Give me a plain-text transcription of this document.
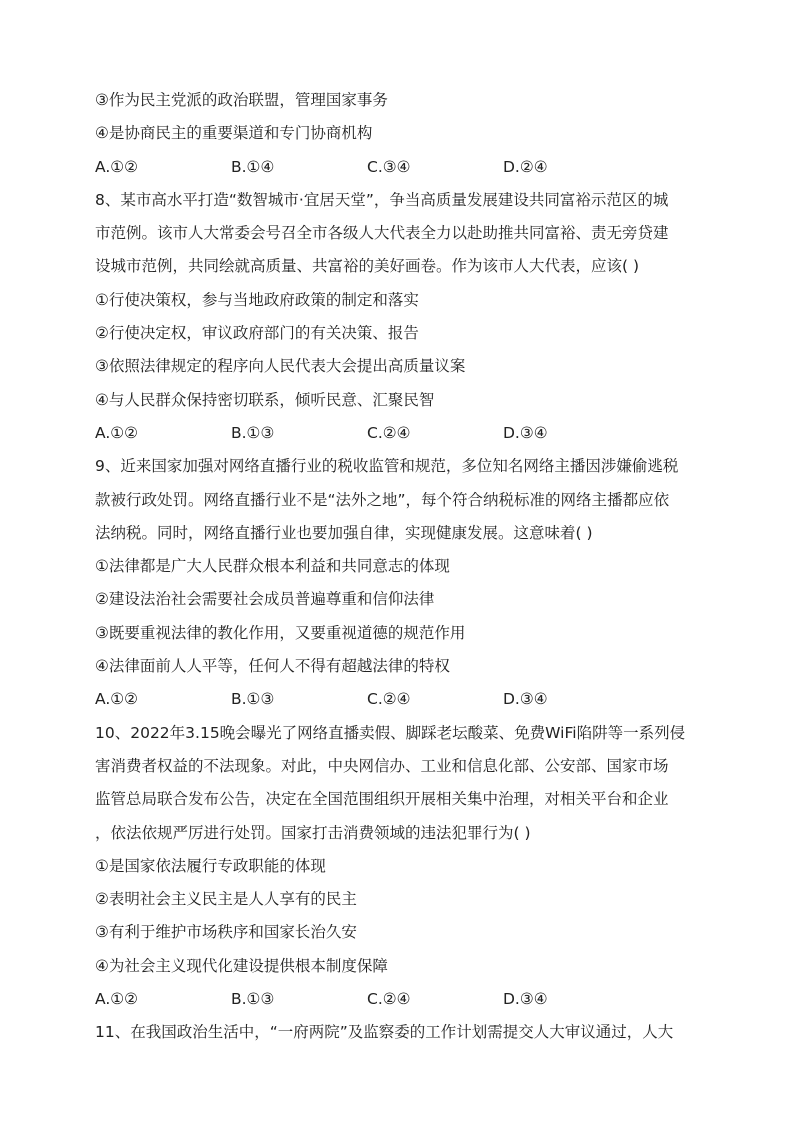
③作为民主党派的政治联盟，管理国家事务
④是协商民主的重要渠道和专门协商机构
A.①②	B.①④	C.③④	D.②④
8、某市高水平打造“数智城市·宜居天堂”，争当高质量发展建设共同富裕示范区的城
市范例。该市人大常委会号召全市各级人大代表全力以赴助推共同富裕、责无旁贷建
设城市范例，共同绘就高质量、共富裕的美好画卷。作为该市人大代表，应该( )
①行使决策权，参与当地政府政策的制定和落实
②行使决定权，审议政府部门的有关决策、报告
③依照法律规定的程序向人民代表大会提出高质量议案
④与人民群众保持密切联系，倾听民意、汇聚民智
A.①②	B.①③	C.②④	D.③④
9、近来国家加强对网络直播行业的税收监管和规范，多位知名网络主播因涉嫌偷逃税
款被行政处罚。网络直播行业不是“法外之地”，每个符合纳税标准的网络主播都应依
法纳税。同时，网络直播行业也要加强自律，实现健康发展。这意味着( )
①法律都是广大人民群众根本利益和共同意志的体现
②建设法治社会需要社会成员普遍尊重和信仰法律
③既要重视法律的教化作用，又要重视道德的规范作用
④法律面前人人平等，任何人不得有超越法律的特权
A.①②	B.①③	C.②④	D.③④
10、2022年3.15晚会曝光了网络直播卖假、脚踩老坛酸菜、免费WiFi陷阱等一系列侵
害消费者权益的不法现象。对此，中央网信办、工业和信息化部、公安部、国家市场
监管总局联合发布公告，决定在全国范围组织开展相关集中治理，对相关平台和企业
，依法依规严厉进行处罚。国家打击消费领域的违法犯罪行为( )
①是国家依法履行专政职能的体现
②表明社会主义民主是人人享有的民主
③有利于维护市场秩序和国家长治久安
④为社会主义现代化建设提供根本制度保障
A.①②	B.①③	C.②④	D.③④
11、在我国政治生活中，“一府两院”及监察委的工作计划需提交人大审议通过，人大
